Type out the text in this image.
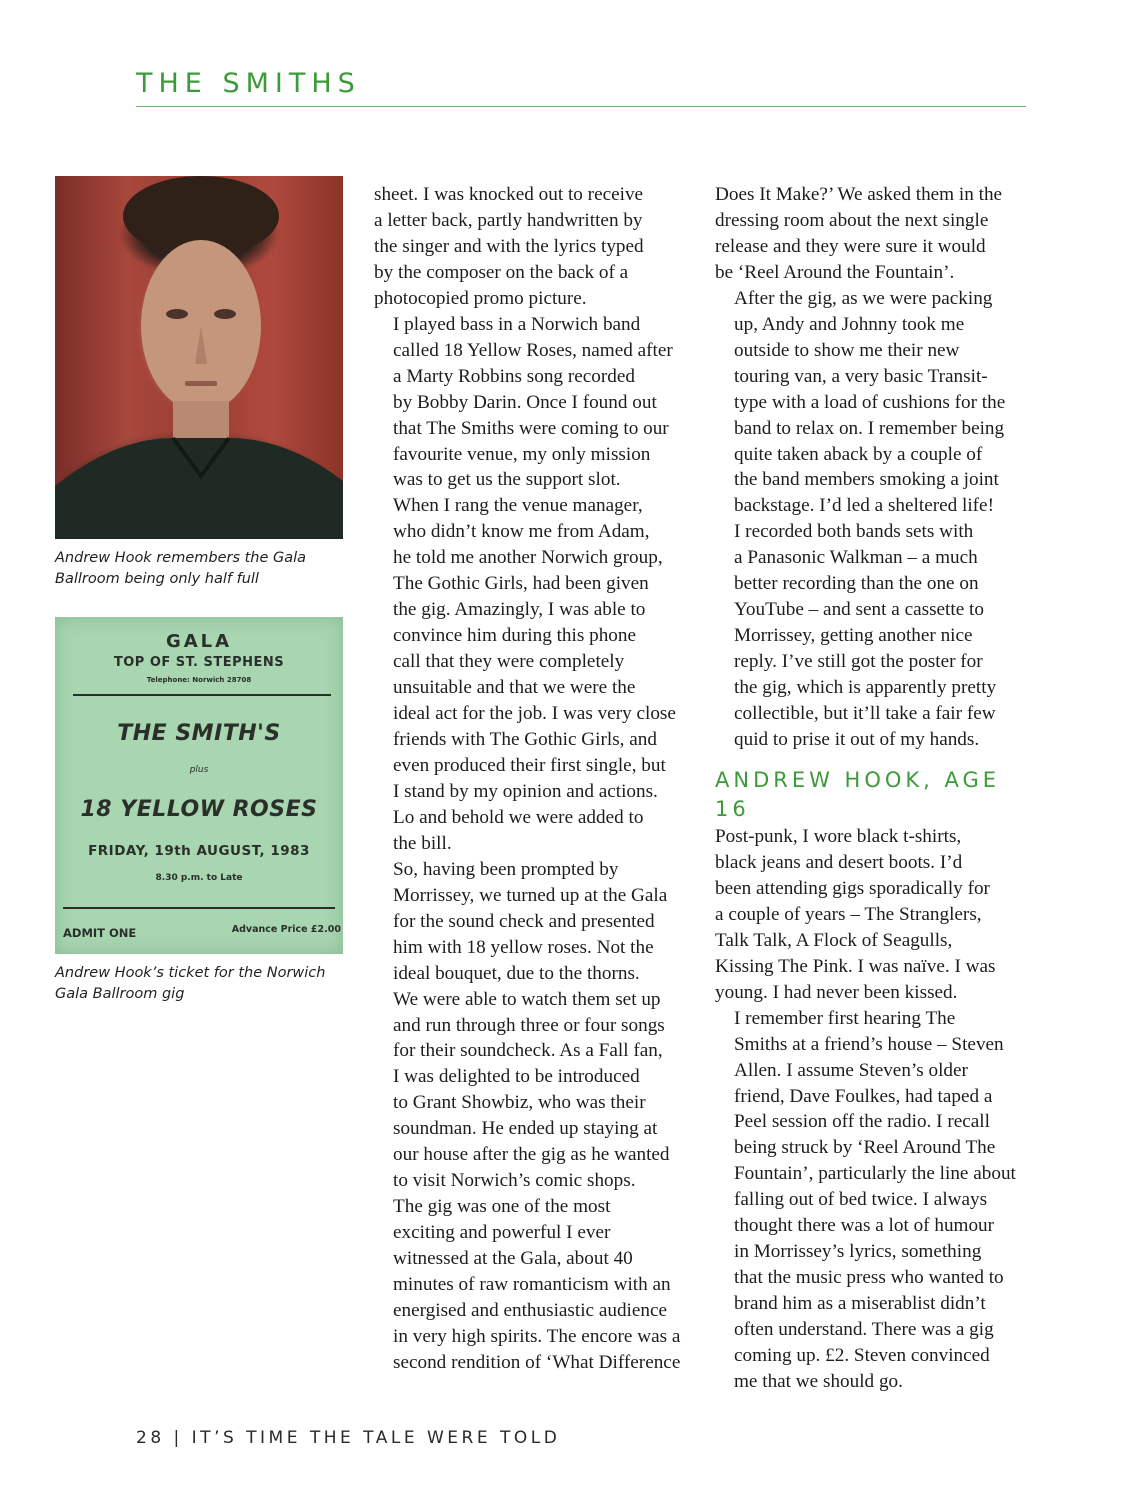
THE SMITHS
Andrew Hook remembers the Gala
Ballroom being only half full
GALA
TOP OF ST. STEPHENS
Telephone: Norwich 28708
THE SMITH'S
plus
18 YELLOW ROSES
FRIDAY, 19th AUGUST, 1983
8.30 p.m. to Late
ADMIT ONE	Advance Price £2.00
Andrew Hook’s ticket for the Norwich
Gala Ballroom gig

sheet. I was knocked out to receive
a letter back, partly handwritten by
the singer and with the lyrics typed
by the composer on the back of a
photocopied promo picture.

I played bass in a Norwich band
called 18 Yellow Roses, named after
a Marty Robbins song recorded
by Bobby Darin. Once I found out
that The Smiths were coming to our
favourite venue, my only mission
was to get us the support slot.
When I rang the venue manager,
who didn’t know me from Adam,
he told me another Norwich group,
The Gothic Girls, had been given
the gig. Amazingly, I was able to
convince him during this phone
call that they were completely
unsuitable and that we were the
ideal act for the job. I was very close
friends with The Gothic Girls, and
even produced their first single, but
I stand by my opinion and actions.
Lo and behold we were added to
the bill.

So, having been prompted by
Morrissey, we turned up at the Gala
for the sound check and presented
him with 18 yellow roses. Not the
ideal bouquet, due to the thorns.
We were able to watch them set up
and run through three or four songs
for their soundcheck. As a Fall fan,
I was delighted to be introduced
to Grant Showbiz, who was their
soundman. He ended up staying at
our house after the gig as he wanted
to visit Norwich’s comic shops.

The gig was one of the most
exciting and powerful I ever
witnessed at the Gala, about 40
minutes of raw romanticism with an
energised and enthusiastic audience
in very high spirits. The encore was a
second rendition of ‘What Difference

Does It Make?’ We asked them in the
dressing room about the next single
release and they were sure it would
be ‘Reel Around the Fountain’.

After the gig, as we were packing
up, Andy and Johnny took me
outside to show me their new
touring van, a very basic Transit-
type with a load of cushions for the
band to relax on. I remember being
quite taken aback by a couple of
the band members smoking a joint
backstage. I’d led a sheltered life!

I recorded both bands sets with
a Panasonic Walkman – a much
better recording than the one on
YouTube – and sent a cassette to
Morrissey, getting another nice
reply. I’ve still got the poster for
the gig, which is apparently pretty
collectible, but it’ll take a fair few
quid to prise it out of my hands.

ANDREW HOOK, AGE 16

Post-punk, I wore black t-shirts,
black jeans and desert boots. I’d
been attending gigs sporadically for
a couple of years – The Stranglers,
Talk Talk, A Flock of Seagulls,
Kissing The Pink. I was naïve. I was
young. I had never been kissed.

I remember first hearing The
Smiths at a friend’s house – Steven
Allen. I assume Steven’s older
friend, Dave Foulkes, had taped a
Peel session off the radio. I recall
being struck by ‘Reel Around The
Fountain’, particularly the line about
falling out of bed twice. I always
thought there was a lot of humour
in Morrissey’s lyrics, something
that the music press who wanted to
brand him as a miserablist didn’t
often understand. There was a gig
coming up. £2. Steven convinced
me that we should go.

28 | IT’S TIME THE TALE WERE TOLD
